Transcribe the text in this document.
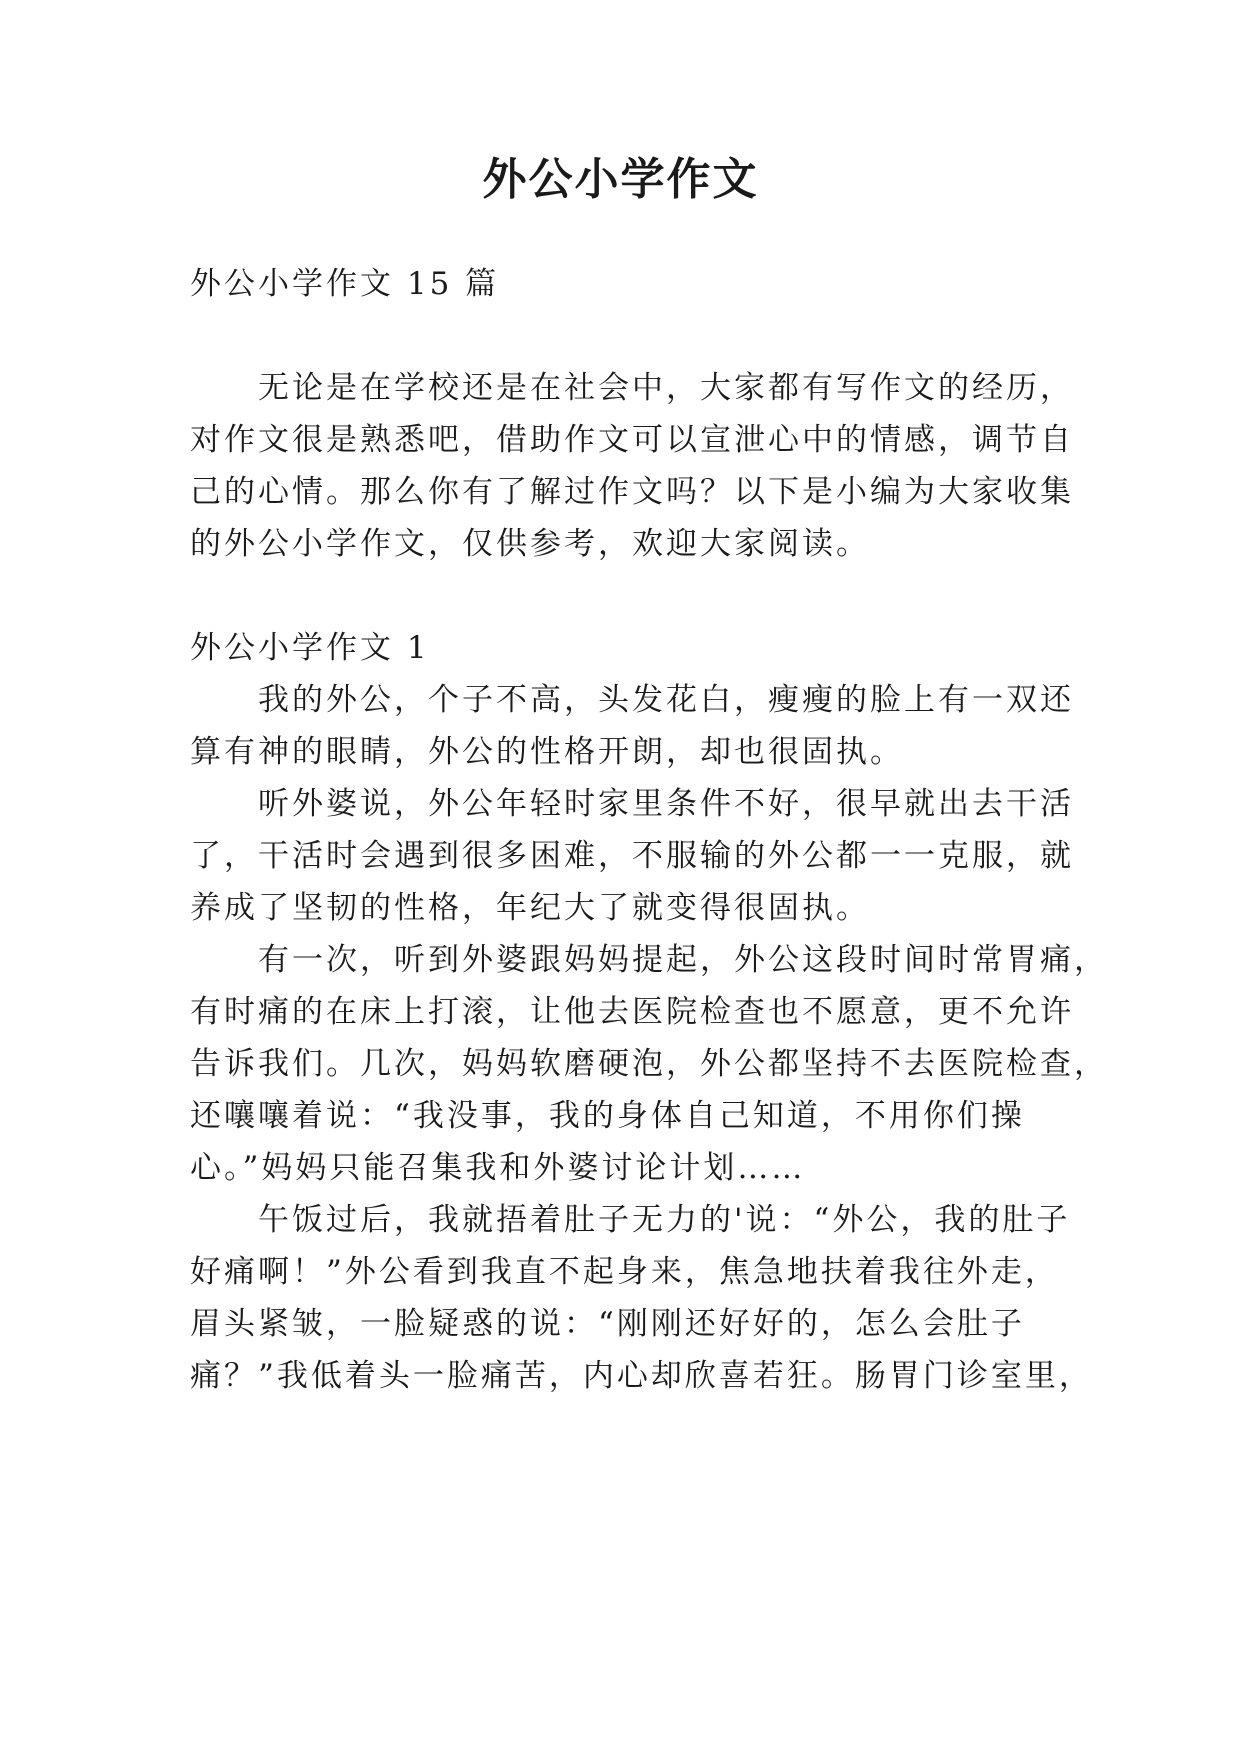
外公小学作文
外公小学作文 15 篇
无论是在学校还是在社会中，大家都有写作文的经历，
对作文很是熟悉吧，借助作文可以宣泄心中的情感，调节自
己的心情。那么你有了解过作文吗？以下是小编为大家收集
的外公小学作文，仅供参考，欢迎大家阅读。
外公小学作文 1
我的外公，个子不高，头发花白，瘦瘦的脸上有一双还
算有神的眼睛，外公的性格开朗，却也很固执。
听外婆说，外公年轻时家里条件不好，很早就出去干活
了，干活时会遇到很多困难，不服输的外公都一一克服，就
养成了坚韧的性格，年纪大了就变得很固执。
有一次，听到外婆跟妈妈提起，外公这段时间时常胃痛，
有时痛的在床上打滚，让他去医院检查也不愿意，更不允许
告诉我们。几次，妈妈软磨硬泡，外公都坚持不去医院检查，
还嚷嚷着说：“我没事，我的身体自己知道，不用你们操
心。”妈妈只能召集我和外婆讨论计划……
午饭过后，我就捂着肚子无力的'说：“外公，我的肚子
好痛啊！”外公看到我直不起身来，焦急地扶着我往外走，
眉头紧皱，一脸疑惑的说：“刚刚还好好的，怎么会肚子
痛？”我低着头一脸痛苦，内心却欣喜若狂。肠胃门诊室里，
